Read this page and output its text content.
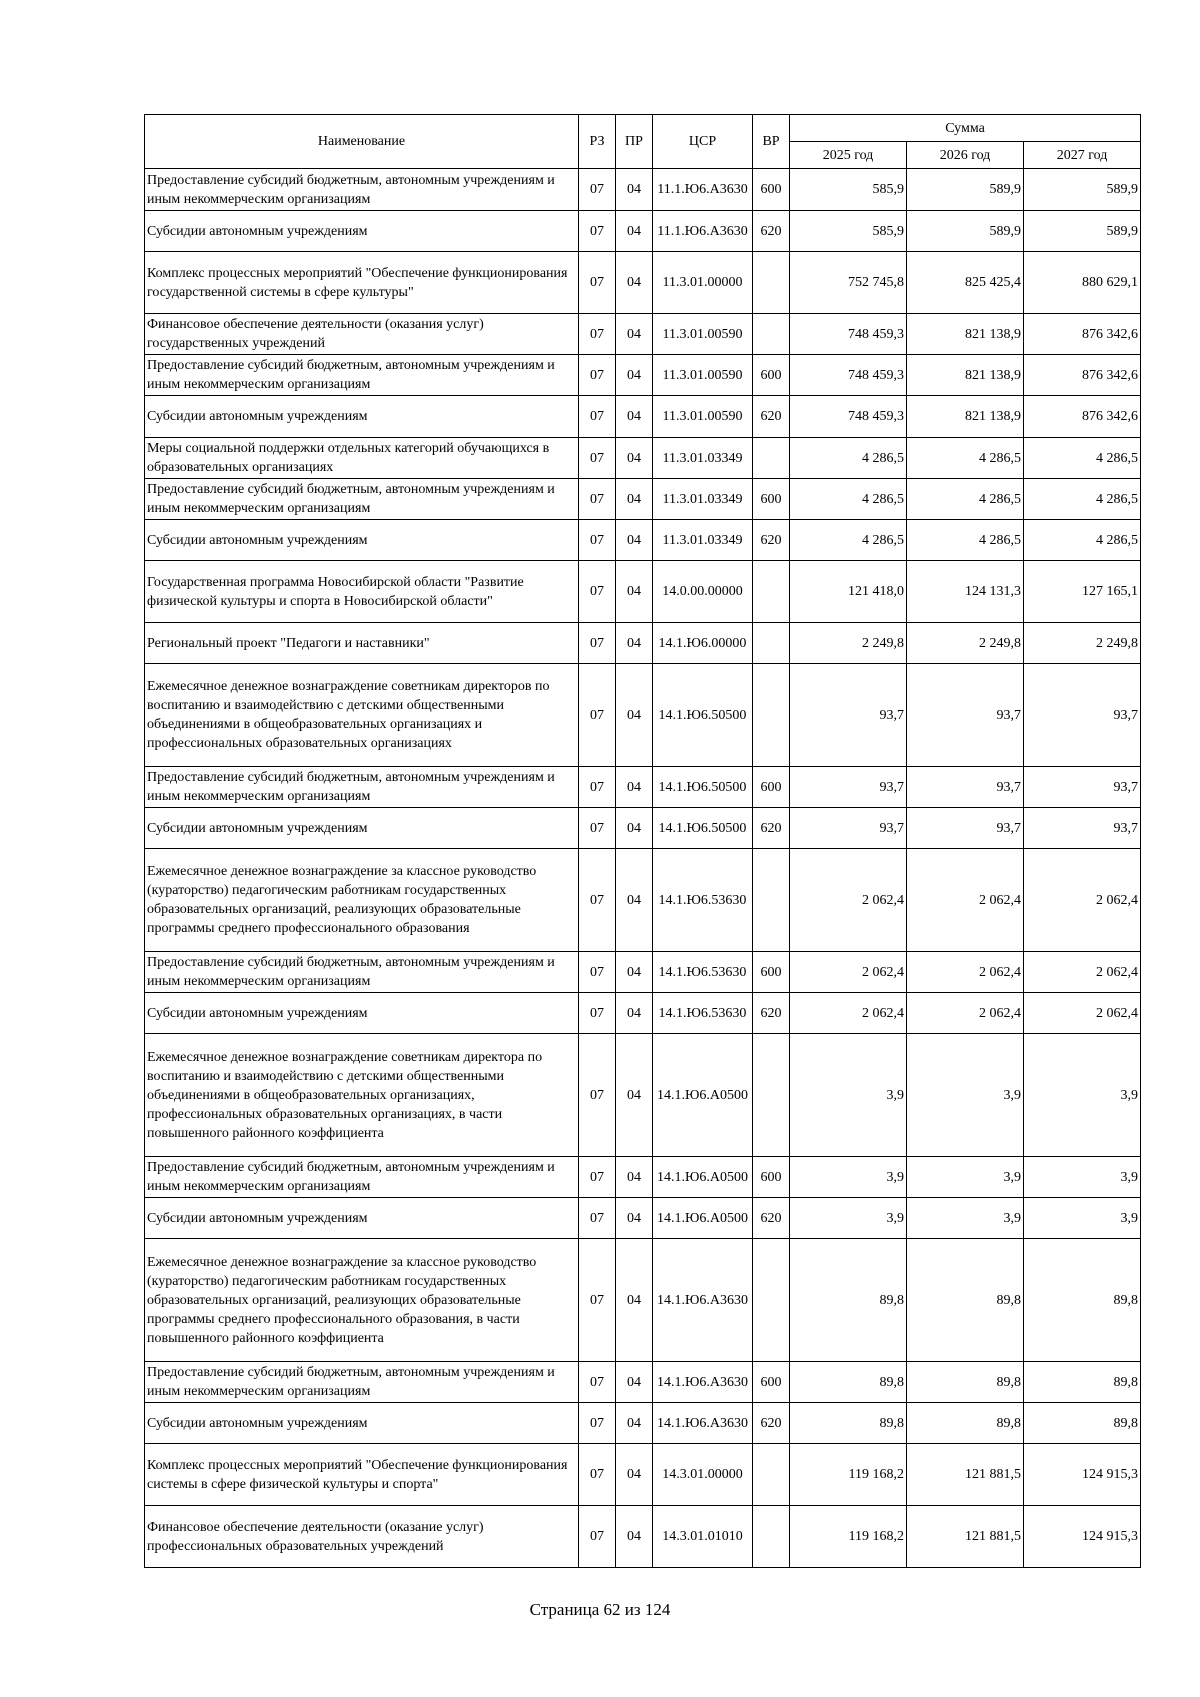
Наименование	РЗ	ПР	ЦСР	ВР	Сумма		
					2025 год	2026 год	2027 год
Предоставление субсидий бюджетным, автономным учреждениям и иным некоммерческим организациям	07	04	11.1.Ю6.А3630	600	585,9	589,9	589,9
Субсидии автономным учреждениям	07	04	11.1.Ю6.А3630	620	585,9	589,9	589,9
Комплекс процессных мероприятий "Обеспечение функционирования государственной системы в сфере культуры"	07	04	11.3.01.00000		752 745,8	825 425,4	880 629,1
Финансовое обеспечение деятельности (оказания услуг) государственных учреждений	07	04	11.3.01.00590		748 459,3	821 138,9	876 342,6
Предоставление субсидий бюджетным, автономным учреждениям и иным некоммерческим организациям	07	04	11.3.01.00590	600	748 459,3	821 138,9	876 342,6
Субсидии автономным учреждениям	07	04	11.3.01.00590	620	748 459,3	821 138,9	876 342,6
Меры социальной поддержки отдельных категорий обучающихся в образовательных организациях	07	04	11.3.01.03349		4 286,5	4 286,5	4 286,5
Предоставление субсидий бюджетным, автономным учреждениям и иным некоммерческим организациям	07	04	11.3.01.03349	600	4 286,5	4 286,5	4 286,5
Субсидии автономным учреждениям	07	04	11.3.01.03349	620	4 286,5	4 286,5	4 286,5
Государственная программа Новосибирской области "Развитие физической культуры и спорта в Новосибирской области"	07	04	14.0.00.00000		121 418,0	124 131,3	127 165,1
Региональный проект "Педагоги и наставники"	07	04	14.1.Ю6.00000		2 249,8	2 249,8	2 249,8
Ежемесячное денежное вознаграждение советникам директоров по воспитанию и взаимодействию с детскими общественными объединениями в общеобразовательных организациях и профессиональных образовательных организациях	07	04	14.1.Ю6.50500		93,7	93,7	93,7
Предоставление субсидий бюджетным, автономным учреждениям и иным некоммерческим организациям	07	04	14.1.Ю6.50500	600	93,7	93,7	93,7
Субсидии автономным учреждениям	07	04	14.1.Ю6.50500	620	93,7	93,7	93,7
Ежемесячное денежное вознаграждение за классное руководство (кураторство) педагогическим работникам государственных образовательных организаций, реализующих образовательные программы среднего профессионального образования	07	04	14.1.Ю6.53630		2 062,4	2 062,4	2 062,4
Предоставление субсидий бюджетным, автономным учреждениям и иным некоммерческим организациям	07	04	14.1.Ю6.53630	600	2 062,4	2 062,4	2 062,4
Субсидии автономным учреждениям	07	04	14.1.Ю6.53630	620	2 062,4	2 062,4	2 062,4
Ежемесячное денежное вознаграждение советникам директора по воспитанию и взаимодействию с детскими общественными объединениями в общеобразовательных организациях, профессиональных образовательных организациях, в части повышенного районного коэффициента	07	04	14.1.Ю6.А0500		3,9	3,9	3,9
Предоставление субсидий бюджетным, автономным учреждениям и иным некоммерческим организациям	07	04	14.1.Ю6.А0500	600	3,9	3,9	3,9
Субсидии автономным учреждениям	07	04	14.1.Ю6.А0500	620	3,9	3,9	3,9
Ежемесячное денежное вознаграждение за классное руководство (кураторство) педагогическим работникам государственных образовательных организаций, реализующих образовательные программы среднего профессионального образования, в части повышенного районного коэффициента	07	04	14.1.Ю6.А3630		89,8	89,8	89,8
Предоставление субсидий бюджетным, автономным учреждениям и иным некоммерческим организациям	07	04	14.1.Ю6.А3630	600	89,8	89,8	89,8
Субсидии автономным учреждениям	07	04	14.1.Ю6.А3630	620	89,8	89,8	89,8
Комплекс процессных мероприятий "Обеспечение функционирования системы в сфере физической культуры и спорта"	07	04	14.3.01.00000		119 168,2	121 881,5	124 915,3
Финансовое обеспечение деятельности (оказание услуг) профессиональных образовательных учреждений	07	04	14.3.01.01010		119 168,2	121 881,5	124 915,3
Страница 62 из 124
